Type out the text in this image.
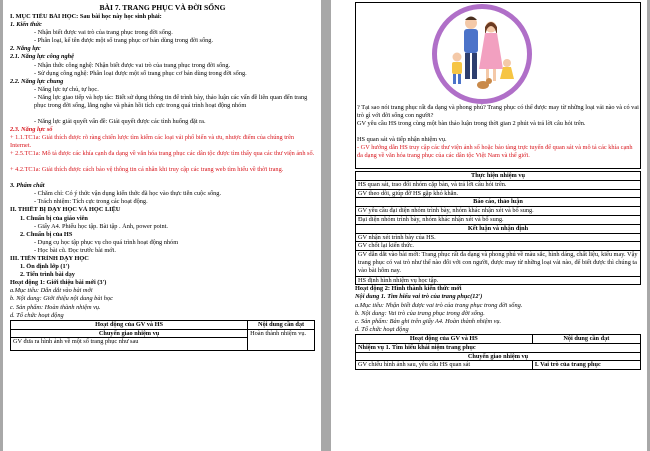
BÀI 7. TRANG PHỤC VÀ ĐỜI SỐNG
I. MỤC TIÊU BÀI HỌC: Sau bài học này học sinh phải:
1. Kiến thức
- Nhận biết được vai trò của trang phục trong đời sống.
- Phân loại, kể tên được một số trang phục cơ bản dùng trong đời sống.
2. Năng lực
2.1. Năng lực công nghệ
- Nhận thức công nghệ: Nhận biết được vai trò của trang phục trong đời sống.
- Sử dụng công nghệ: Phân loại được một số trang phục cơ bản dùng trong đời sống.
2.2. Năng lực chung
- Năng lực tự chủ, tự học.
- Năng lực giao tiếp và hợp tác: Biết sử dụng thông tin để trình bày, thảo luận các vấn đề liên quan đến trang phục trong đời sống, lắng nghe và phản hồi tích cực trong quá trình hoạt động nhóm
- Năng lực giải quyết vấn đề: Giải quyết được các tình huống đặt ra.
2.3. Năng lực số
+ 1.1.TC1a: Giải thích được rõ ràng chiến lược tìm kiếm các loại vải phổ biến và ưu, nhược điểm của chúng trên Internet.
+ 2.5.TC1a: Mô tả được các khía cạnh đa dạng về văn hóa trang phục các dân tộc được tìm thấy qua các thư viện ảnh số.
+ 4.2.TC1a: Giải thích được cách bảo vệ thông tin cá nhân khi truy cập các trang web tìm hiểu về thời trang.
3. Phẩm chất
- Chăm chỉ: Có ý thức vận dụng kiến thức đã học vào thực tiễn cuộc sống.
- Trách nhiệm: Tích cực trong các hoạt động.
II. THIẾT BỊ DẠY HỌC VÀ HỌC LIỆU
1. Chuẩn bị của giáo viên
- Giấy A4. Phiếu học tập. Bài tập . Ảnh, power point.
2. Chuẩn bị của HS
- Dụng cụ học tập phục vụ cho quá trình hoạt động nhóm
- Học bài cũ. Đọc trước bài mới.
III. TIẾN TRÌNH DẠY HỌC
1. Ổn định lớp (1')
2. Tiến trình bài dạy
Hoạt động 1: Giới thiệu bài mới (3')
a.Mục tiêu: Dẫn dắt vào bài mới
b. Nội dung: Giới thiệu nội dung bài học
c. Sản phẩm: Hoàn thành nhiệm vụ.
d. Tổ chức hoạt động
Hoạt động của GV và HS	Nội dung cần đạt
Chuyển giao nhiệm vụ	Hoàn thành nhiệm vụ.
GV đưa ra hình ảnh về một số trang phục như sau	
? Tại sao nói trang phục rất đa dạng và phong phú? Trang phục có thể được may từ những loại vải nào và có vai trò gì với đời sống con người?
GV yêu cầu HS trong cùng một bàn thảo luận trong thời gian 2 phút và trả lời câu hỏi trên.
HS quan sát và tiếp nhận nhiệm vụ.
- GV hướng dẫn HS truy cập các thư viện ảnh số hoặc bảo tàng trực tuyến để quan sát và mô tả các khía cạnh đa dạng về văn hóa trang phục của các dân tộc Việt Nam và thế giới.
Thực hiện nhiệm vụ
HS quan sát, trao đổi nhóm cặp bàn, và trả lời câu hỏi trên.
GV theo dõi, giúp đỡ HS gặp khó khăn.
Báo cáo, thảo luận
GV yêu cầu đại diện nhóm trình bày, nhóm khác nhận xét và bổ sung.
Đại diện nhóm trình bày, nhóm khác nhận xét và bổ sung.
Kết luận và nhận định
GV nhận xét trình bày của HS.
GV chốt lại kiến thức.
GV dẫn dắt vào bài mới: Trang phục rất đa dạng và phong phú về màu sắc, hình dáng, chất liệu, kiểu may. Vậy trang phục có vai trò như thế nào đối với con người, được may từ những loại vải nào, để biết được thì chúng ta vào bài hôm nay.
HS định hình nhiệm vụ học tập.
Hoạt động 2: Hình thành kiến thức mới
Nội dung 1. Tìm hiểu vai trò của trang phục(12')
a.Mục tiêu: Nhận biết được vai trò của trang phục trong đời sống.
b. Nội dung: Vai trò của trang phục trong đời sống.
c. Sản phẩm: Bản ghi trên giấy A4. Hoàn thành nhiệm vụ.
d. Tổ chức hoạt động
Hoạt động của GV và HS	Nội dung cần đạt
Nhiệm vụ 1. Tìm hiểu khái niệm trang phục	
Chuyển giao nhiệm vụ	
GV chiếu hình ảnh sau, yêu cầu HS quan sát	I. Vai trò của trang phục
